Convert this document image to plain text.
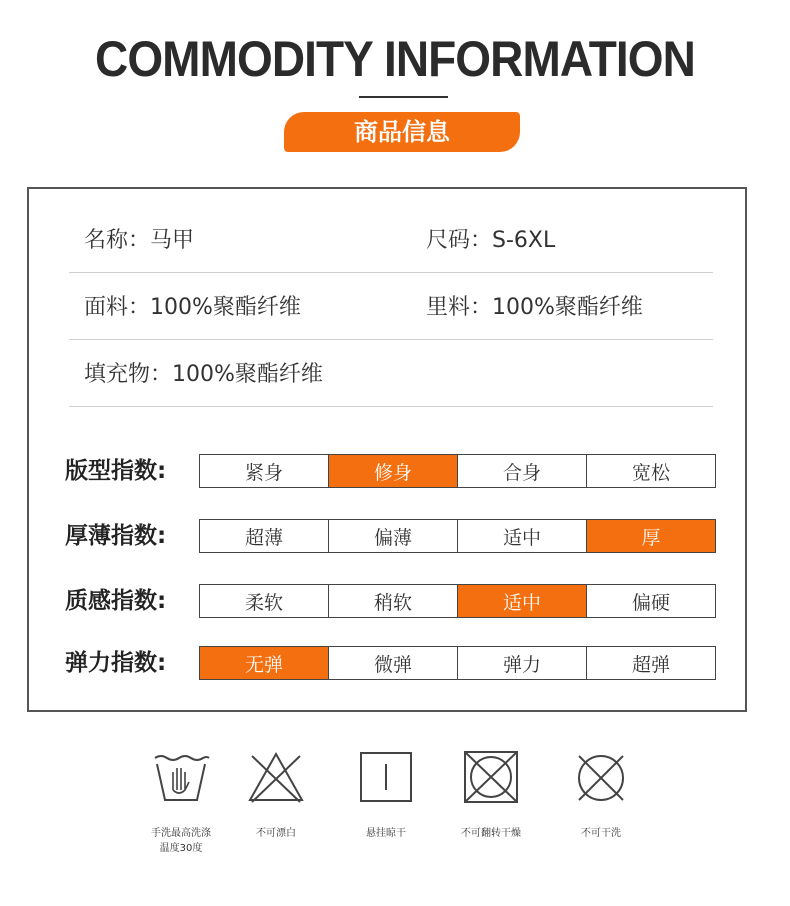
COMMODITY INFORMATION
商品信息
名称：马甲	尺码：S-6XL
面料：100%聚酯纤维	里料：100%聚酯纤维
填充物：100%聚酯纤维
版型指数:	紧身	修身	合身	宽松
厚薄指数:	超薄	偏薄	适中	厚
质感指数:	柔软	稍软	适中	偏硬
弹力指数:	无弹	微弹	弹力	超弹
手洗最高洗涤温度30度
不可漂白	悬挂晾干	不可翻转干燥	不可干洗
